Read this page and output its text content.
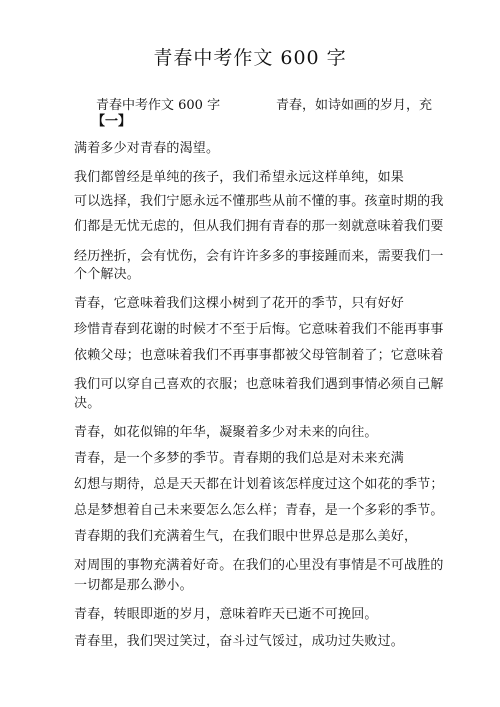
青春中考作文 600 字
青春中考作文 600 字
【一】
青春，如诗如画的岁月，充
满着多少对青春的渴望。
我们都曾经是单纯的孩子，我们希望永远这样单纯，如果
可以选择，我们宁愿永远不懂那些从前不懂的事。孩童时期的我
们都是无忧无虑的，但从我们拥有青春的那一刻就意味着我们要
经历挫折，会有忧伤，会有许许多多的事接踵而来，需要我们一
个个解决。
青春，它意味着我们这棵小树到了花开的季节，只有好好
珍惜青春到花谢的时候才不至于后悔。它意味着我们不能再事事
依赖父母；也意味着我们不再事事都被父母管制着了；它意味着
我们可以穿自己喜欢的衣服；也意味着我们遇到事情必须自己解
决。
青春，如花似锦的年华，凝聚着多少对未来的向往。
青春，是一个多梦的季节。青春期的我们总是对未来充满
幻想与期待，总是天天都在计划着该怎样度过这个如花的季节；
总是梦想着自己未来要怎么怎么样；青春，是一个多彩的季节。
青春期的我们充满着生气，在我们眼中世界总是那么美好，
对周围的事物充满着好奇。在我们的心里没有事情是不可战胜的
一切都是那么渺小。
青春，转眼即逝的岁月，意味着昨天已逝不可挽回。
青春里，我们哭过笑过，奋斗过气馁过，成功过失败过。
